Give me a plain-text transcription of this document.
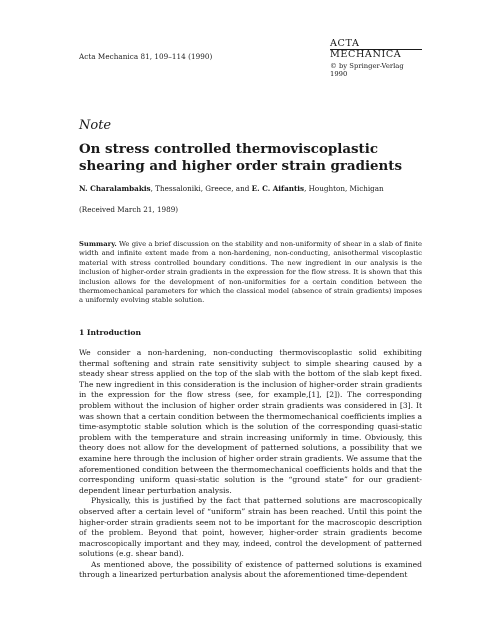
Acta Mechanica 81, 109–114 (1990)
ACTA MECHANICA
© by Springer-Verlag 1990
Note
On stress controlled thermoviscoplastic shearing and higher order strain gradients
N. Charalambakis, Thessaloniki, Greece, and E. C. Aifantis, Houghton, Michigan
(Received March 21, 1989)
Summary. We give a brief discussion on the stability and non-uniformity of shear in a slab of finite width and infinite extent made from a non-hardening, non-conducting, anisothermal viscoplastic material with stress controlled boundary conditions. The new ingredient in our analysis is the inclusion of higher-order strain gradients in the expression for the flow stress. It is shown that this inclusion allows for the development of non-uniformities for a certain condition between the thermomechanical parameters for which the classical model (absence of strain gradients) imposes a uniformly evolving stable solution.
1 Introduction

We consider a non-hardening, non-conducting thermoviscoplastic solid exhibiting thermal softening and strain rate sensitivity subject to simple shearing caused by a steady shear stress applied on the top of the slab with the bottom of the slab kept fixed. The new ingredient in this consideration is the inclusion of higher-order strain gradients in the expression for the flow stress (see, for example,[1], [2]). The corresponding problem without the inclusion of higher order strain gradients was considered in [3]. It was shown that a certain condition between the thermomechanical coefficients implies a time-asymptotic stable solution which is the solution of the corresponding quasi-static problem with the temperature and strain increasing uniformly in time. Obviously, this theory does not allow for the development of patterned solutions, a possibility that we examine here through the inclusion of higher order strain gradients. We assume that the aforementioned condition between the thermomechanical coefficients holds and that the corresponding uniform quasi-static solution is the “ground state” for our gradient-dependent linear perturbation analysis.

Physically, this is justified by the fact that patterned solutions are macroscopically observed after a certain level of “uniform” strain has been reached. Until this point the higher-order strain gradients seem not to be important for the macroscopic description of the problem. Beyond that point, however, higher-order strain gradients become macroscopically important and they may, indeed, control the development of patterned solutions (e.g. shear band).

As mentioned above, the possibility of existence of patterned solutions is examined through a linearized perturbation analysis about the aforementioned time-dependent
